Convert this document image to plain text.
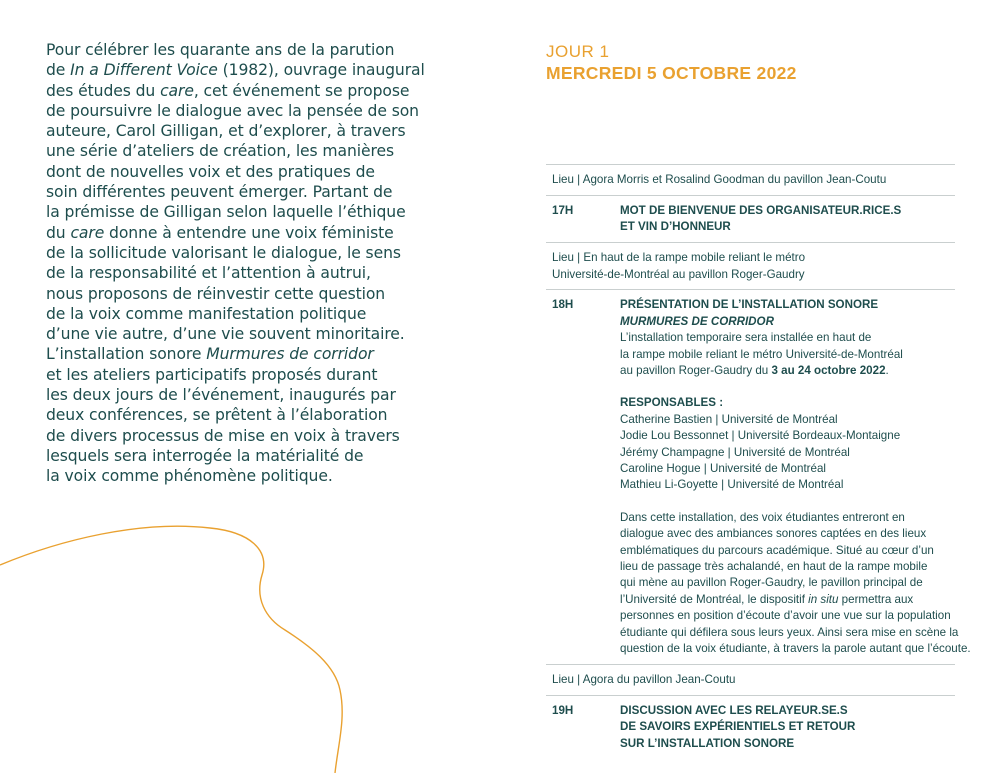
Pour célébrer les quarante ans de la parution
de In a Different Voice (1982), ouvrage inaugural
des études du care, cet événement se propose
de poursuivre le dialogue avec la pensée de son
auteure, Carol Gilligan, et d’explorer, à travers
une série d’ateliers de création, les manières
dont de nouvelles voix et des pratiques de
soin différentes peuvent émerger. Partant de
la prémisse de Gilligan selon laquelle l’éthique
du care donne à entendre une voix féministe
de la sollicitude valorisant le dialogue, le sens
de la responsabilité et l’attention à autrui,
nous proposons de réinvestir cette question
de la voix comme manifestation politique
d’une vie autre, d’une vie souvent minoritaire.
L’installation sonore Murmures de corridor
et les ateliers participatifs proposés durant
les deux jours de l’événement, inaugurés par
deux conférences, se prêtent à l’élaboration
de divers processus de mise en voix à travers
lesquels sera interrogée la matérialité de
la voix comme phénomène politique.
JOUR 1
MERCREDI 5 OCTOBRE 2022
Lieu | Agora Morris et Rosalind Goodman du pavillon Jean-Coutu
17H	MOT DE BIENVENUE DES ORGANISATEUR.RICE.S
ET VIN D’HONNEUR
Lieu | En haut de la rampe mobile reliant le métro
Université-de-Montréal au pavillon Roger-Gaudry
18H	PRÉSENTATION DE L’INSTALLATION SONORE
MURMURES DE CORRIDOR
L’installation temporaire sera installée en haut de
la rampe mobile reliant le métro Université-de-Montréal
au pavillon Roger-Gaudry du 3 au 24 octobre 2022.
RESPONSABLES :
Catherine Bastien | Université de Montréal
Jodie Lou Bessonnet | Université Bordeaux-Montaigne
Jérémy Champagne | Université de Montréal
Caroline Hogue | Université de Montréal
Mathieu Li-Goyette | Université de Montréal
Dans cette installation, des voix étudiantes entreront en
dialogue avec des ambiances sonores captées en des lieux
emblématiques du parcours académique. Situé au cœur d’un
lieu de passage très achalandé, en haut de la rampe mobile
qui mène au pavillon Roger-Gaudry, le pavillon principal de
l’Université de Montréal, le dispositif in situ permettra aux
personnes en position d’écoute d’avoir une vue sur la population
étudiante qui défilera sous leurs yeux. Ainsi sera mise en scène la
question de la voix étudiante, à travers la parole autant que l’écoute.
Lieu | Agora du pavillon Jean-Coutu
19H	DISCUSSION AVEC LES RELAYEUR.SE.S
DE SAVOIRS EXPÉRIENTIELS ET RETOUR
SUR L’INSTALLATION SONORE
